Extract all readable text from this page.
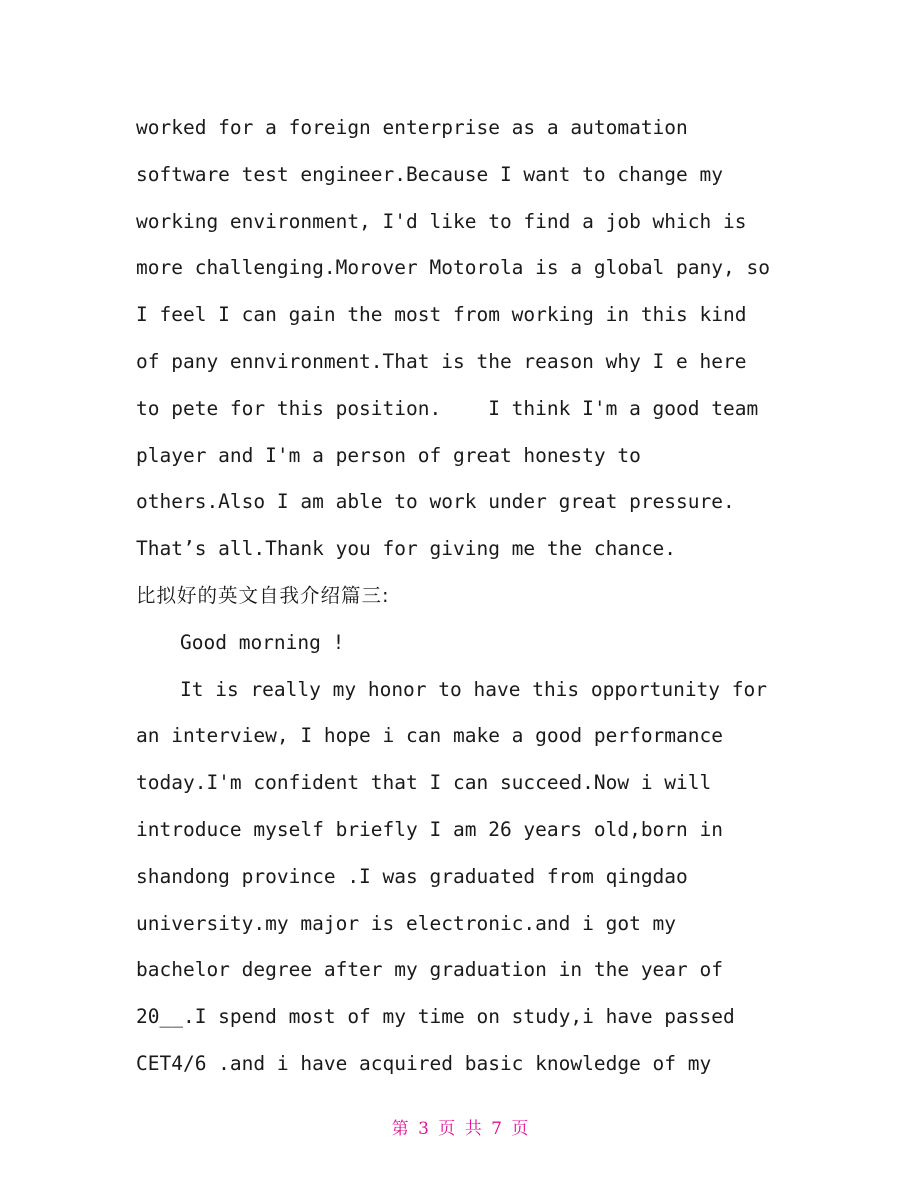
worked for a foreign enterprise as a automation
software test engineer.Because I want to change my
working environment, I'd like to find a job which is
more challenging.Morover Motorola is a global pany, so
I feel I can gain the most from working in this kind
of pany ennvironment.That is the reason why I e here
to pete for this position.    I think I'm a good team
player and I'm a person of great honesty to
others.Also I am able to work under great pressure.
That’s all.Thank you for giving me the chance.
比拟好的英文自我介绍篇三:
Good morning !
It is really my honor to have this opportunity for
an interview, I hope i can make a good performance
today.I'm confident that I can succeed.Now i will
introduce myself briefly I am 26 years old,born in
shandong province .I was graduated from qingdao
university.my major is electronic.and i got my
bachelor degree after my graduation in the year of
20__.I spend most of my time on study,i have passed
CET4/6 .and i have acquired basic knowledge of my
第 3 页 共 7 页
